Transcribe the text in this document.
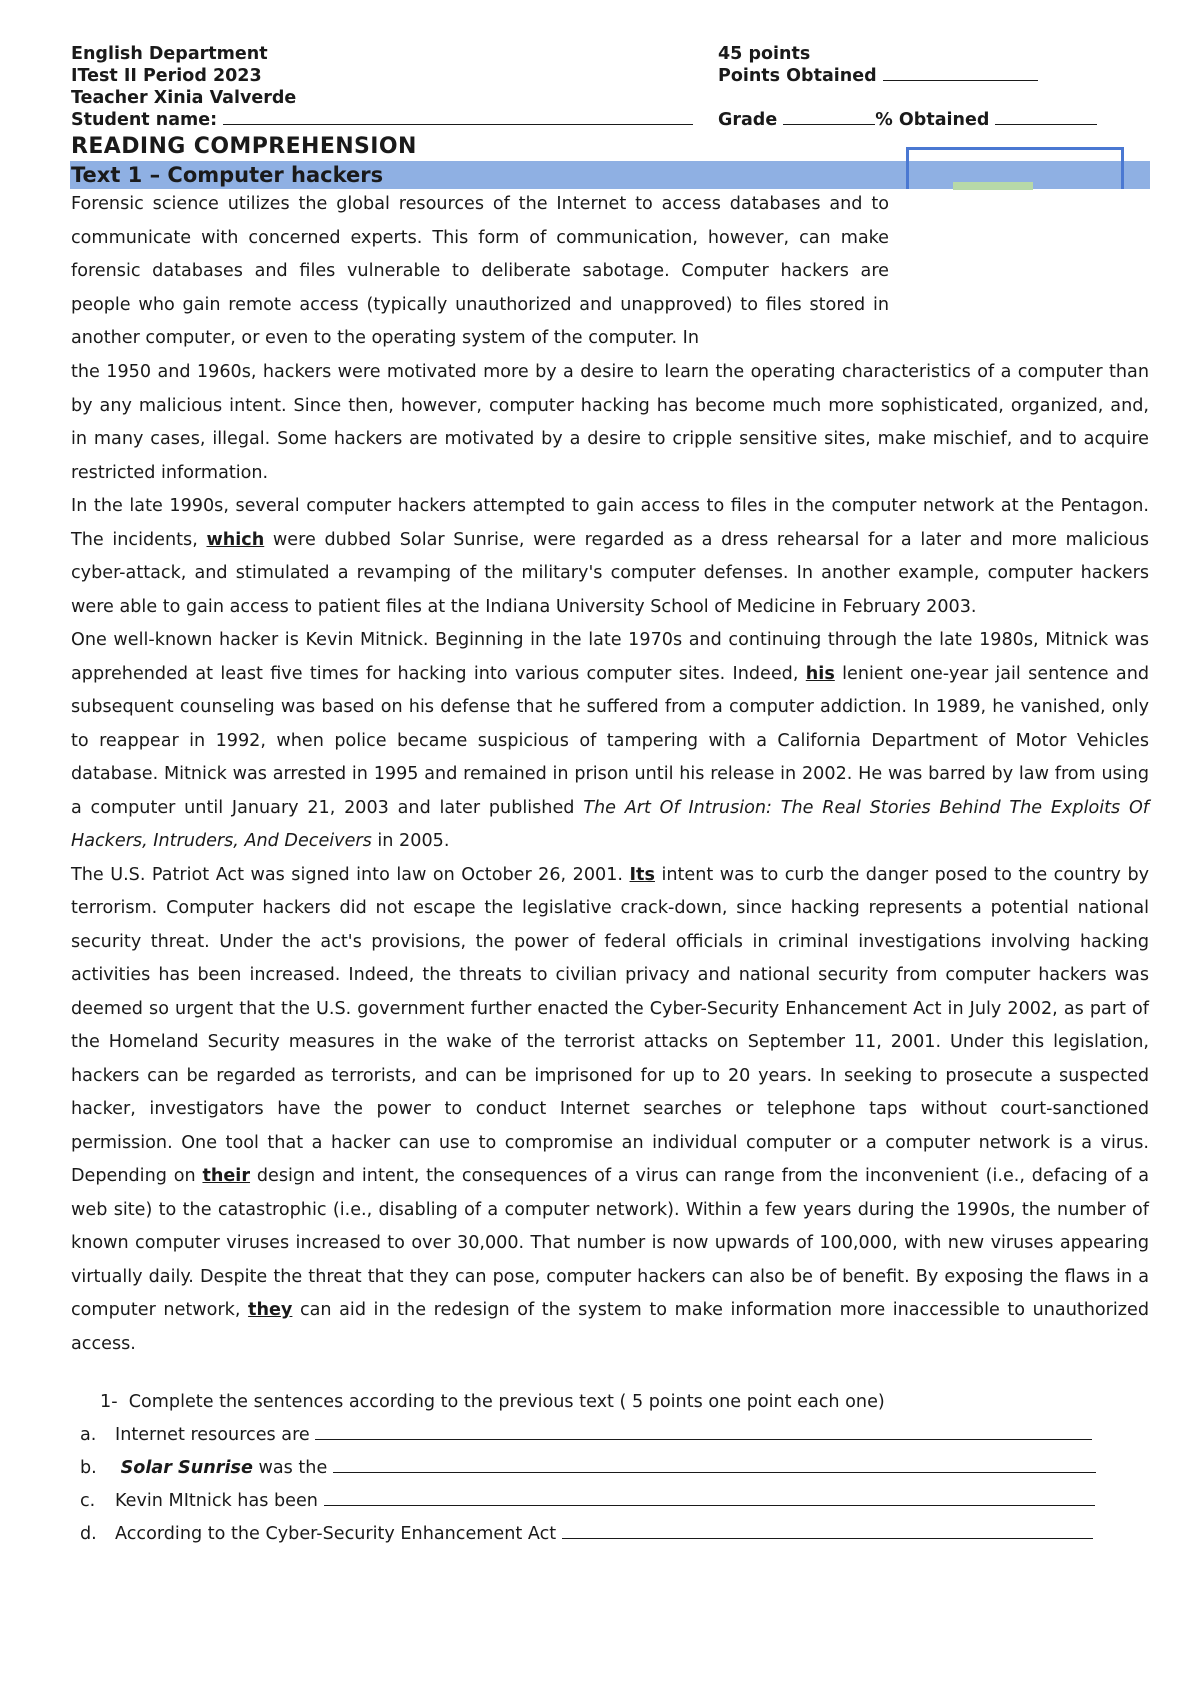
English Department
ITest II Period 2023
Teacher Xinia Valverde
Student name:
45 points
Points Obtained
Grade	% Obtained
READING COMPREHENSION
Text 1 – Computer hackers

Forensic science utilizes the global resources of the Internet to access databases and to communicate with concerned experts. This form of communication, however, can make forensic databases and files vulnerable to deliberate sabotage. Computer hackers are people who gain remote access (typically unauthorized and unapproved) to files stored in another computer, or even to the operating system of the computer. In

the 1950 and 1960s, hackers were motivated more by a desire to learn the operating characteristics of a computer than by any malicious intent. Since then, however, computer hacking has become much more sophisticated, organized, and, in many cases, illegal. Some hackers are motivated by a desire to cripple sensitive sites, make mischief, and to acquire restricted information.

In the late 1990s, several computer hackers attempted to gain access to files in the computer network at the Pentagon. The incidents, which were dubbed Solar Sunrise, were regarded as a dress rehearsal for a later and more malicious cyber-attack, and stimulated a revamping of the military's computer defenses. In another example, computer hackers were able to gain access to patient files at the Indiana University School of Medicine in February 2003.

One well-known hacker is Kevin Mitnick. Beginning in the late 1970s and continuing through the late 1980s, Mitnick was apprehended at least five times for hacking into various computer sites. Indeed, his lenient one-year jail sentence and subsequent counseling was based on his defense that he suffered from a computer addiction. In 1989, he vanished, only to reappear in 1992, when police became suspicious of tampering with a California Department of Motor Vehicles database. Mitnick was arrested in 1995 and remained in prison until his release in 2002. He was barred by law from using a computer until January 21, 2003 and later published The Art Of Intrusion: The Real Stories Behind The Exploits Of Hackers, Intruders, And Deceivers in 2005.

The U.S. Patriot Act was signed into law on October 26, 2001. Its intent was to curb the danger posed to the country by terrorism. Computer hackers did not escape the legislative crack-down, since hacking represents a potential national security threat. Under the act's provisions, the power of federal officials in criminal investigations involving hacking activities has been increased. Indeed, the threats to civilian privacy and national security from computer hackers was deemed so urgent that the U.S. government further enacted the Cyber-Security Enhancement Act in July 2002, as part of the Homeland Security measures in the wake of the terrorist attacks on September 11, 2001. Under this legislation, hackers can be regarded as terrorists, and can be imprisoned for up to 20 years. In seeking to prosecute a suspected hacker, investigators have the power to conduct Internet searches or telephone taps without court-sanctioned permission. One tool that a hacker can use to compromise an individual computer or a computer network is a virus. Depending on their design and intent, the consequences of a virus can range from the inconvenient (i.e., defacing of a web site) to the catastrophic (i.e., disabling of a computer network). Within a few years during the 1990s, the number of known computer viruses increased to over 30,000. That number is now upwards of 100,000, with new viruses appearing virtually daily. Despite the threat that they can pose, computer hackers can also be of benefit. By exposing the flaws in a computer network, they can aid in the redesign of the system to make information more inaccessible to unauthorized access.

1- Complete the sentences according to the previous text ( 5 points one point each one)
a. Internet resources are
b. Solar Sunrise was the
c. Kevin MItnick has been
d. According to the Cyber-Security Enhancement Act
